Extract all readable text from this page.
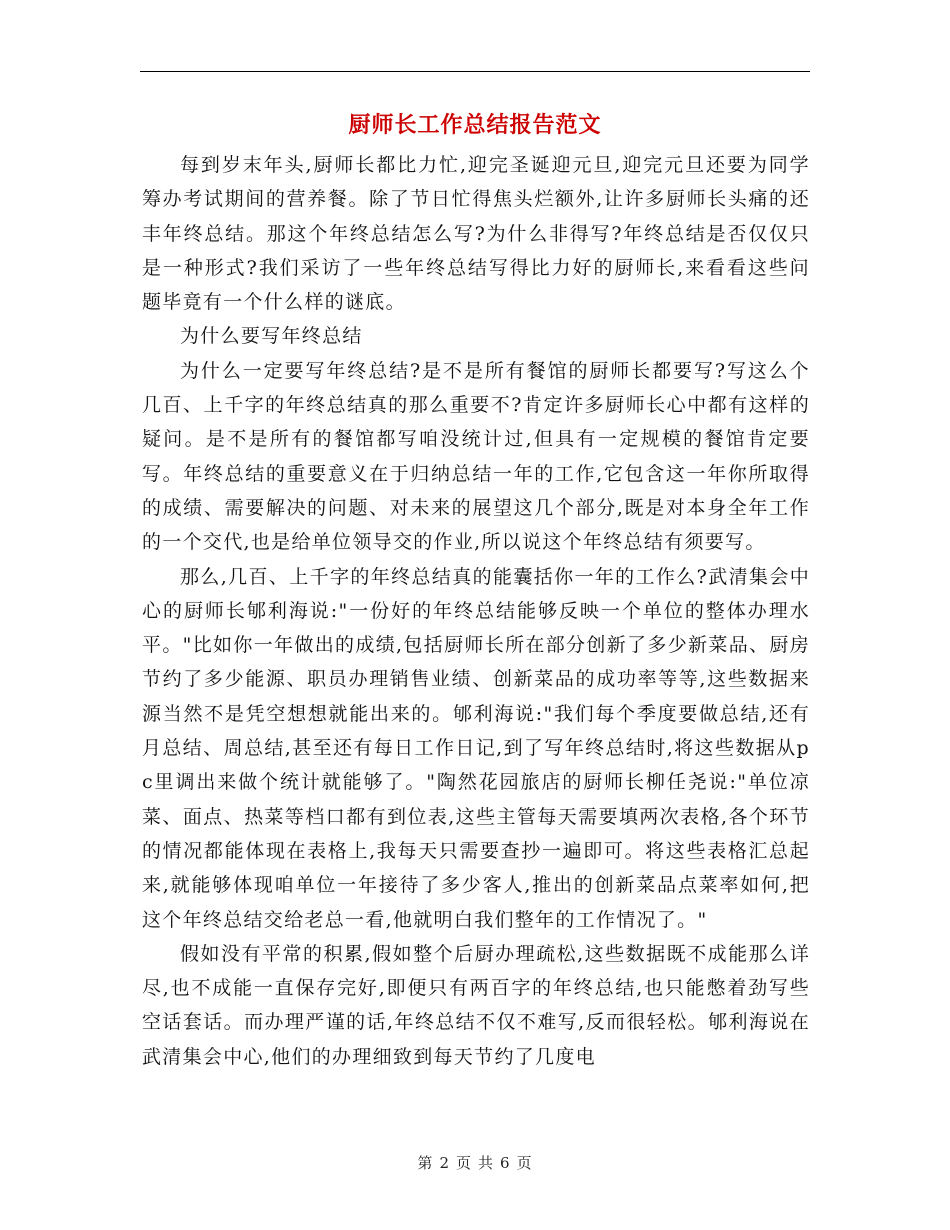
厨师长工作总结报告范文

每到岁末年头,厨师长都比力忙,迎完圣诞迎元旦,迎完元旦还要为同学筹办考试期间的营养餐。除了节日忙得焦头烂额外,让许多厨师长头痛的还丰年终总结。那这个年终总结怎么写?为什么非得写?年终总结是否仅仅只是一种形式?我们采访了一些年终总结写得比力好的厨师长,来看看这些问题毕竟有一个什么样的谜底。

为什么要写年终总结

为什么一定要写年终总结?是不是所有餐馆的厨师长都要写?写这么个几百、上千字的年终总结真的那么重要不?肯定许多厨师长心中都有这样的疑问。是不是所有的餐馆都写咱没统计过,但具有一定规模的餐馆肯定要写。年终总结的重要意义在于归纳总结一年的工作,它包含这一年你所取得的成绩、需要解决的问题、对未来的展望这几个部分,既是对本身全年工作的一个交代,也是给单位领导交的作业,所以说这个年终总结有须要写。

那么,几百、上千字的年终总结真的能囊括你一年的工作么?武清集会中心的厨师长郇利海说:"一份好的年终总结能够反映一个单位的整体办理水平。"比如你一年做出的成绩,包括厨师长所在部分创新了多少新菜品、厨房节约了多少能源、职员办理销售业绩、创新菜品的成功率等等,这些数据来源当然不是凭空想想就能出来的。郇利海说:"我们每个季度要做总结,还有月总结、周总结,甚至还有每日工作日记,到了写年终总结时,将这些数据从pc里调出来做个统计就能够了。"陶然花园旅店的厨师长柳任尧说:"单位凉菜、面点、热菜等档口都有到位表,这些主管每天需要填两次表格,各个环节的情况都能体现在表格上,我每天只需要查抄一遍即可。将这些表格汇总起来,就能够体现咱单位一年接待了多少客人,推出的创新菜品点菜率如何,把这个年终总结交给老总一看,他就明白我们整年的工作情况了。"

假如没有平常的积累,假如整个后厨办理疏松,这些数据既不成能那么详尽,也不成能一直保存完好,即便只有两百字的年终总结,也只能憋着劲写些空话套话。而办理严谨的话,年终总结不仅不难写,反而很轻松。郇利海说在武清集会中心,他们的办理细致到每天节约了几度电

第 2 页 共 6 页
